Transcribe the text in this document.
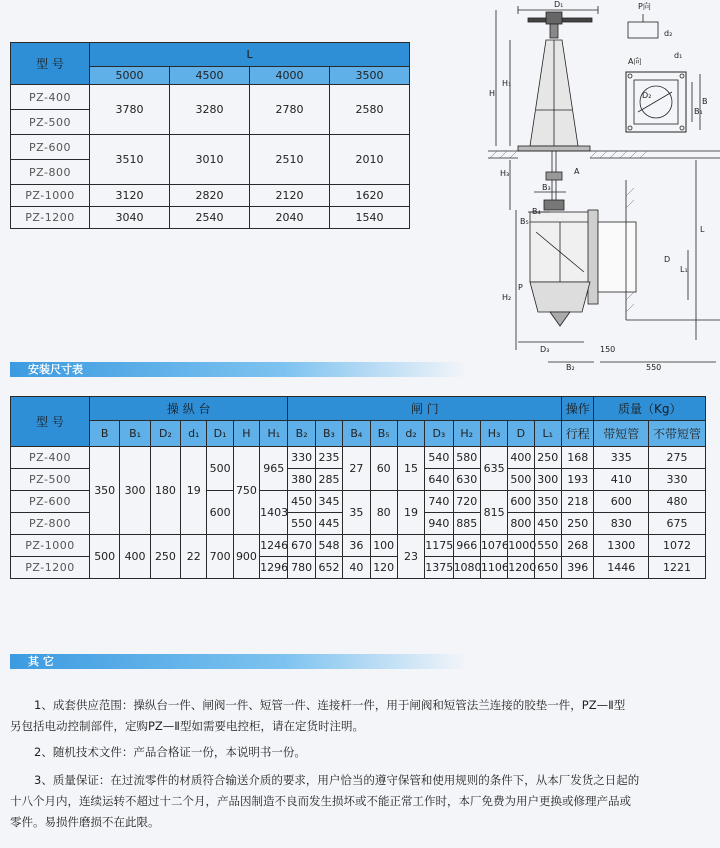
型 号	L			
	5000	4500	4000	3500
PZ-400	3780	3280	2780	2580
PZ-500				
PZ-600	3510	3010	2510	2010
PZ-800				
PZ-1000	3120	2820	2120	1620
PZ-1200	3040	2540	2040	1540
D₁	P向
d₂
A向
d₁
D₂
B
B₁
H
H₁
H₃
B₃
B₄
A
B₅
H₂
P
L
L₁
D
D₃
B₂
150
550
安装尺寸表
型 号	操 纵 台							闸 门										操作	质量（Kg）	
	B	B₁	D₂	d₁	D₁	H	H₁	B₂	B₃	B₄	B₅	d₂	D₃	H₂	H₃	D	L₁	行程	带短管	不带短管
PZ-400	350	300	180	19	500	750	965	330	235	27	60	15	540	580	635	400	250	168	335	275
PZ-500								380	285				640	630		500	300	193	410	330
PZ-600					600		1403	450	345	35	80	19	740	720	815	600	350	218	600	480
PZ-800								550	445				940	885		800	450	250	830	675
PZ-1000	500	400	250	22	700	900	1246	670	548	36	100	23	1175	966	1076	1000	550	268	1300	1072
PZ-1200							1296	780	652	40	120		1375	1080	1106	1200	650	396	1446	1221
其 它
1、成套供应范围：操纵台一件、闸阀一件、短管一件、连接杆一件，用于闸阀和短管法兰连接的胶垫一件，PZ—Ⅱ型
另包括电动控制部件，定购PZ—Ⅱ型如需要电控柜，请在定货时注明。
2、随机技术文件：产品合格证一份，本说明书一份。
3、质量保证：在过流零件的材质符合输送介质的要求，用户恰当的遵守保管和使用规则的条件下，从本厂发货之日起的
十八个月内，连续运转不超过十二个月，产品因制造不良而发生损坏或不能正常工作时，本厂免费为用户更换或修理产品或
零件。易损件磨损不在此限。
